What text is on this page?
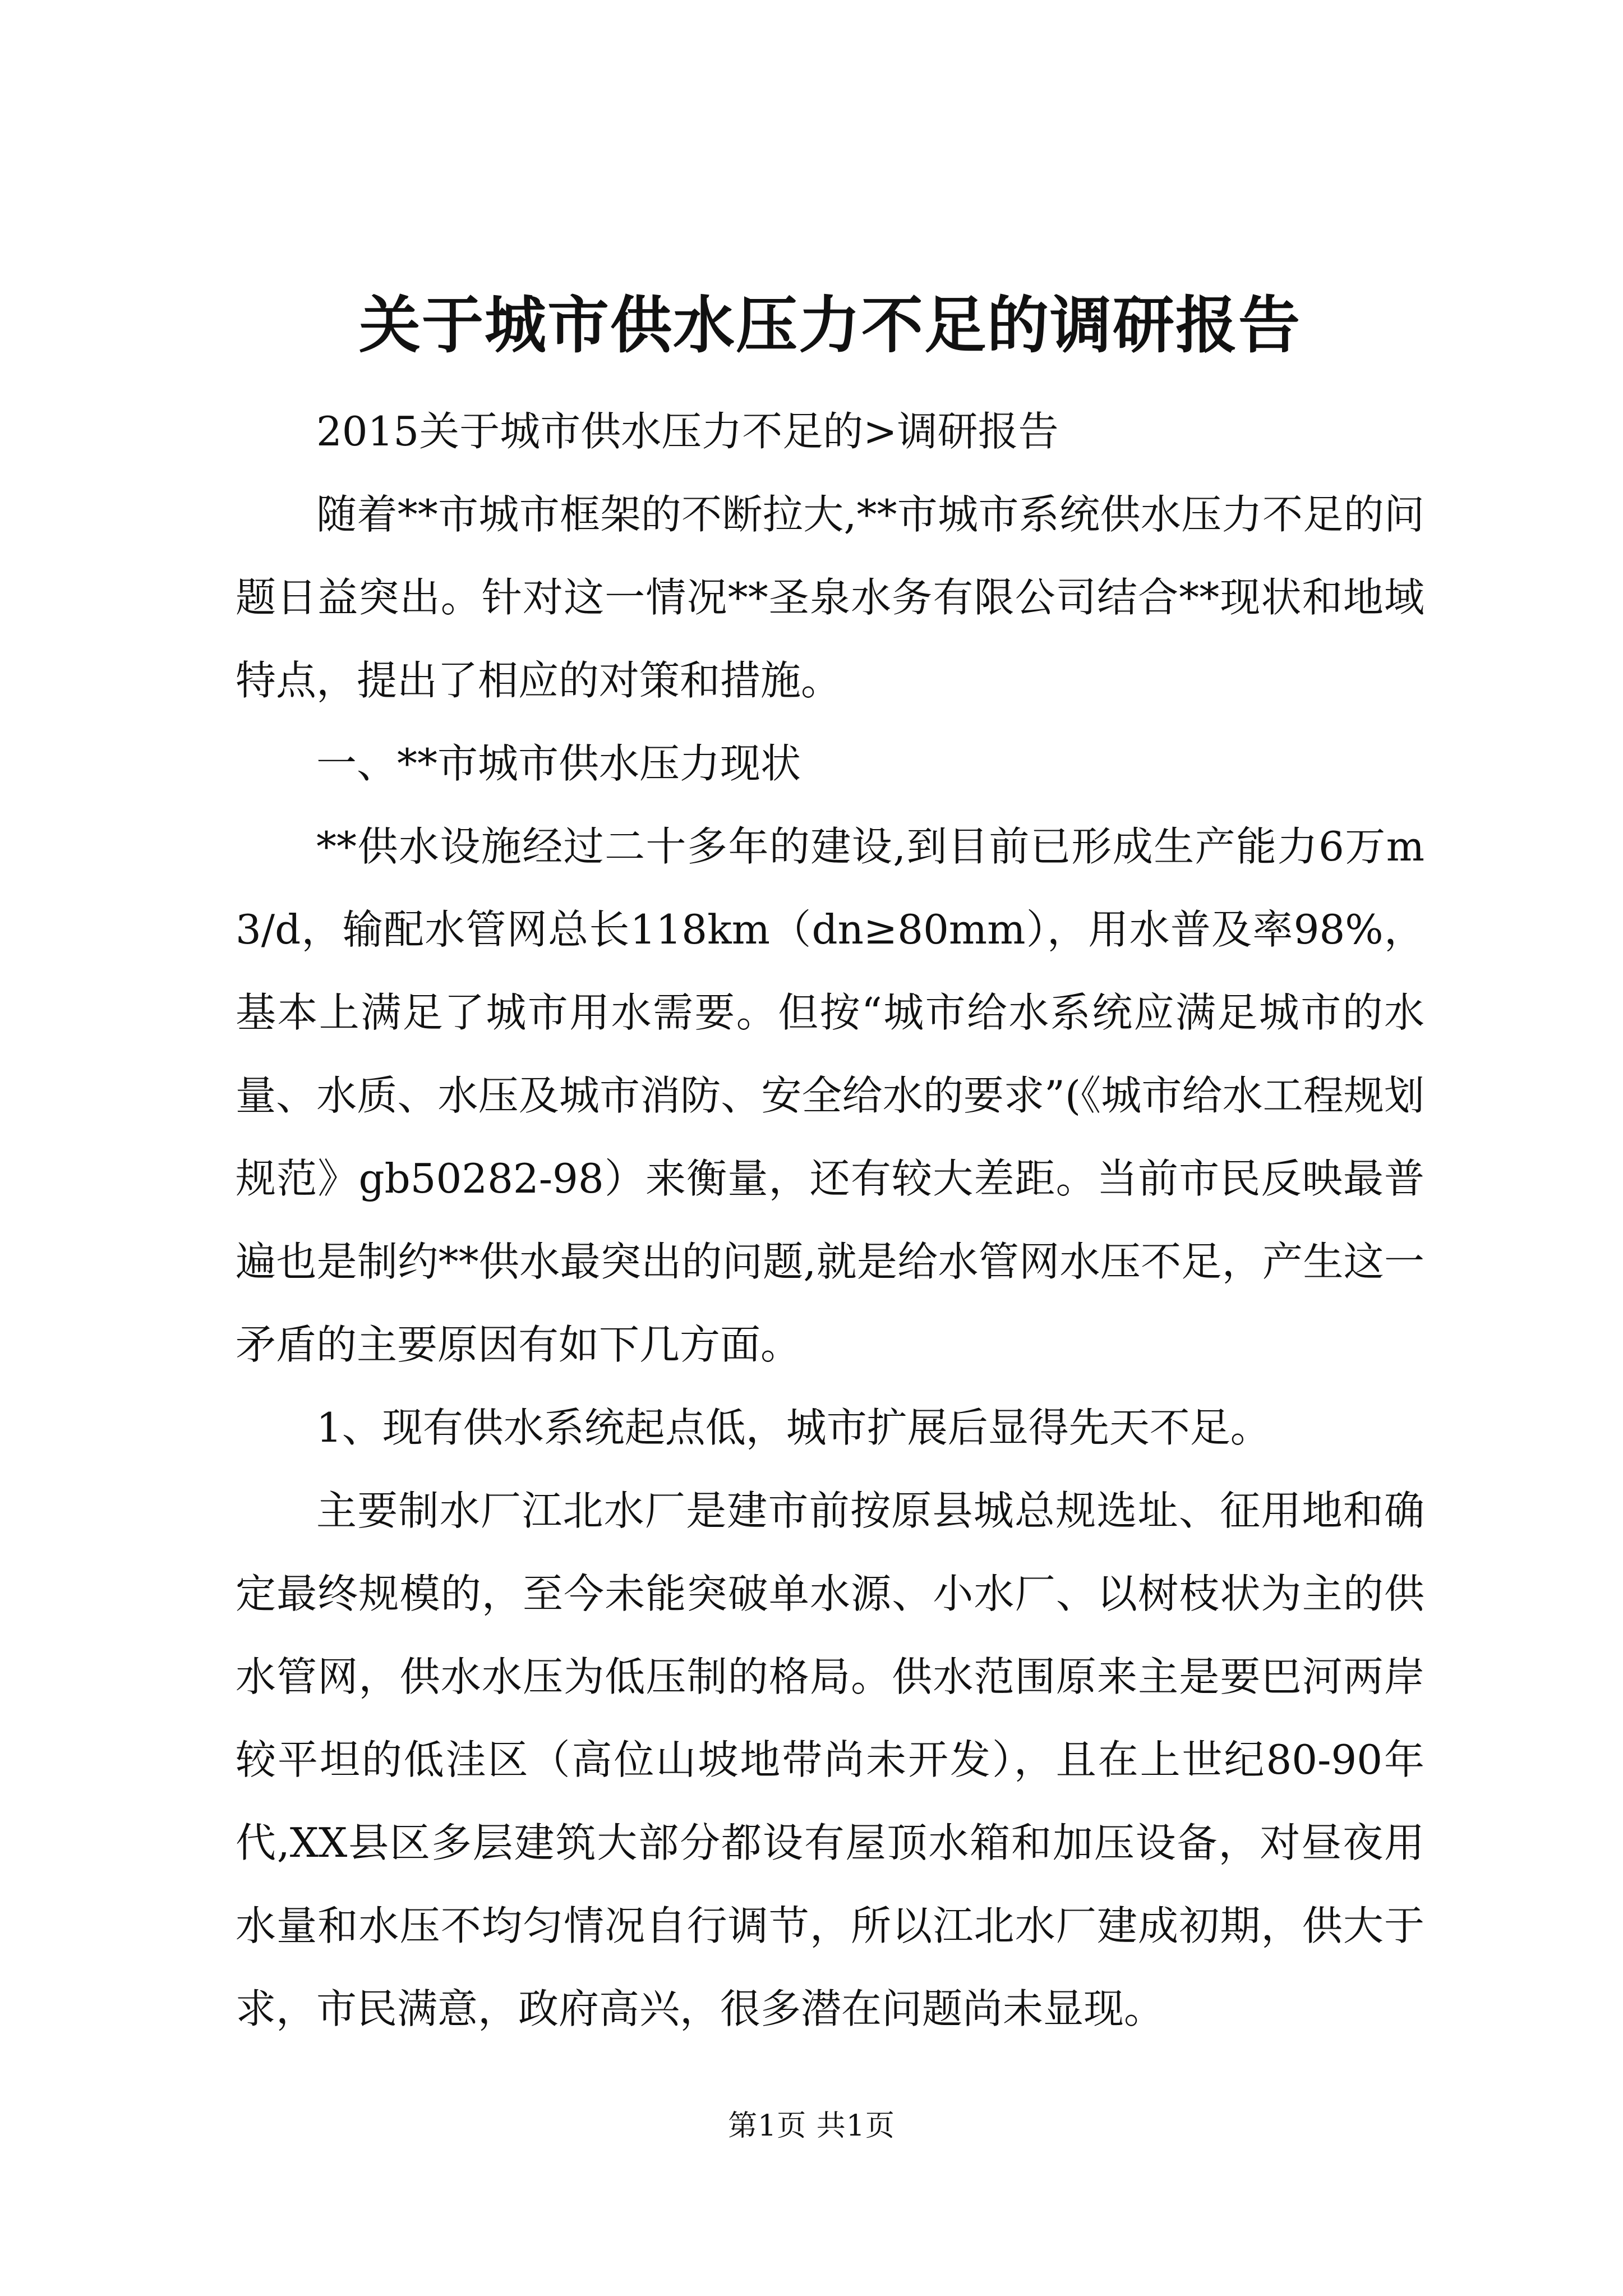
关于城市供水压力不足的调研报告

2015关于城市供水压力不足的>调研报告

随着**市城市框架的不断拉大,**市城市系统供水压力不足的问题日益突出。针对这一情况**圣泉水务有限公司结合**现状和地域特点，提出了相应的对策和措施。

一、**市城市供水压力现状

**供水设施经过二十多年的建设,到目前已形成生产能力6万m3/d，输配水管网总长118km（dn≥80mm），用水普及率98%，基本上满足了城市用水需要。但按“城市给水系统应满足城市的水量、水质、水压及城市消防、安全给水的要求”(《城市给水工程规划规范》gb50282-98）来衡量，还有较大差距。当前市民反映最普遍也是制约**供水最突出的问题,就是给水管网水压不足，产生这一矛盾的主要原因有如下几方面。

1、现有供水系统起点低，城市扩展后显得先天不足。

主要制水厂江北水厂是建市前按原县城总规选址、征用地和确定最终规模的，至今未能突破单水源、小水厂、以树枝状为主的供水管网，供水水压为低压制的格局。供水范围原来主是要巴河两岸较平坦的低洼区（高位山坡地带尚未开发），且在上世纪80-90年代,XX县区多层建筑大部分都设有屋顶水箱和加压设备，对昼夜用水量和水压不均匀情况自行调节，所以江北水厂建成初期，供大于求，市民满意，政府高兴，很多潜在问题尚未显现。

第1页 共1页
